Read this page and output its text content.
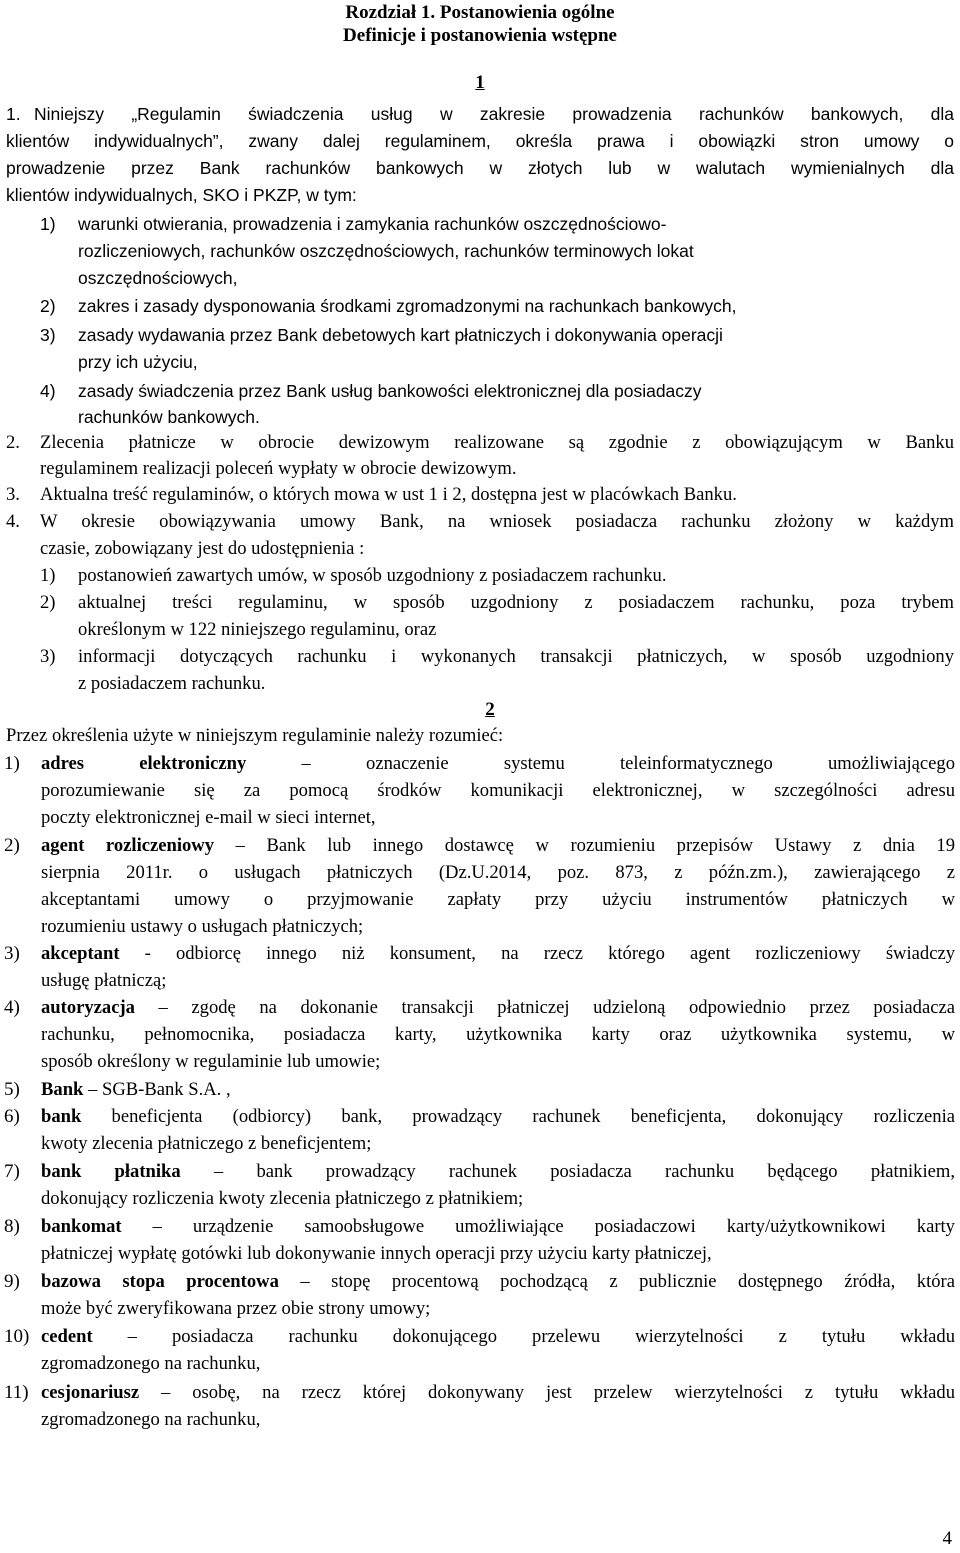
Rozdział 1. Postanowienia ogólne
Definicje i postanowienia wstępne
1
1. Niniejszy „Regulamin świadczenia usług w zakresie prowadzenia rachunków bankowych, dla
klientów indywidualnych”, zwany dalej regulaminem, określa prawa i obowiązki stron umowy o
prowadzenie przez Bank rachunków bankowych w złotych lub w walutach wymienialnych dla
klientów indywidualnych, SKO i PKZP, w tym:
1) warunki otwierania, prowadzenia i zamykania rachunków oszczędnościowo-
rozliczeniowych, rachunków oszczędnościowych, rachunków terminowych lokat
oszczędnościowych,
2) zakres i zasady dysponowania środkami zgromadzonymi na rachunkach bankowych,
3) zasady wydawania przez Bank debetowych kart płatniczych i dokonywania operacji
przy ich użyciu,
4) zasady świadczenia przez Bank usług bankowości elektronicznej dla posiadaczy
rachunków bankowych.
2. Zlecenia płatnicze w obrocie dewizowym realizowane są zgodnie z obowiązującym w Banku
regulaminem realizacji poleceń wypłaty w obrocie dewizowym.
3. Aktualna treść regulaminów, o których mowa w ust 1 i 2, dostępna jest w placówkach Banku.
4. W okresie obowiązywania umowy Bank, na wniosek posiadacza rachunku złożony w każdym
czasie, zobowiązany jest do udostępnienia :
1) postanowień zawartych umów, w sposób uzgodniony z posiadaczem rachunku.
2) aktualnej treści regulaminu, w sposób uzgodniony z posiadaczem rachunku, poza trybem
określonym w 122 niniejszego regulaminu, oraz
3) informacji dotyczących rachunku i wykonanych transakcji płatniczych, w sposób uzgodniony
z posiadaczem rachunku.
2
Przez określenia użyte w niniejszym regulaminie należy rozumieć:
1) adres elektroniczny – oznaczenie systemu teleinformatycznego umożliwiającego
porozumiewanie się za pomocą środków komunikacji elektronicznej, w szczególności adresu
poczty elektronicznej e-mail w sieci internet,
2) agent rozliczeniowy – Bank lub innego dostawcę w rozumieniu przepisów Ustawy z dnia 19
sierpnia 2011r. o usługach płatniczych (Dz.U.2014, poz. 873, z późn.zm.), zawierającego z
akceptantami umowy o przyjmowanie zapłaty przy użyciu instrumentów płatniczych w
rozumieniu ustawy o usługach płatniczych;
3) akceptant - odbiorcę innego niż konsument, na rzecz którego agent rozliczeniowy świadczy
usługę płatniczą;
4) autoryzacja – zgodę na dokonanie transakcji płatniczej udzieloną odpowiednio przez posiadacza
rachunku, pełnomocnika, posiadacza karty, użytkownika karty oraz użytkownika systemu, w
sposób określony w regulaminie lub umowie;
5) Bank – SGB-Bank S.A. ,
6) bank beneficjenta (odbiorcy) bank, prowadzący rachunek beneficjenta, dokonujący rozliczenia
kwoty zlecenia płatniczego z beneficjentem;
7) bank płatnika – bank prowadzący rachunek posiadacza rachunku będącego płatnikiem,
dokonujący rozliczenia kwoty zlecenia płatniczego z płatnikiem;
8) bankomat – urządzenie samoobsługowe umożliwiające posiadaczowi karty/użytkownikowi karty
płatniczej wypłatę gotówki lub dokonywanie innych operacji przy użyciu karty płatniczej,
9) bazowa stopa procentowa – stopę procentową pochodzącą z publicznie dostępnego źródła, która
może być zweryfikowana przez obie strony umowy;
10) cedent – posiadacza rachunku dokonującego przelewu wierzytelności z tytułu wkładu
zgromadzonego na rachunku,
11) cesjonariusz – osobę, na rzecz której dokonywany jest przelew wierzytelności z tytułu wkładu
zgromadzonego na rachunku,
4
